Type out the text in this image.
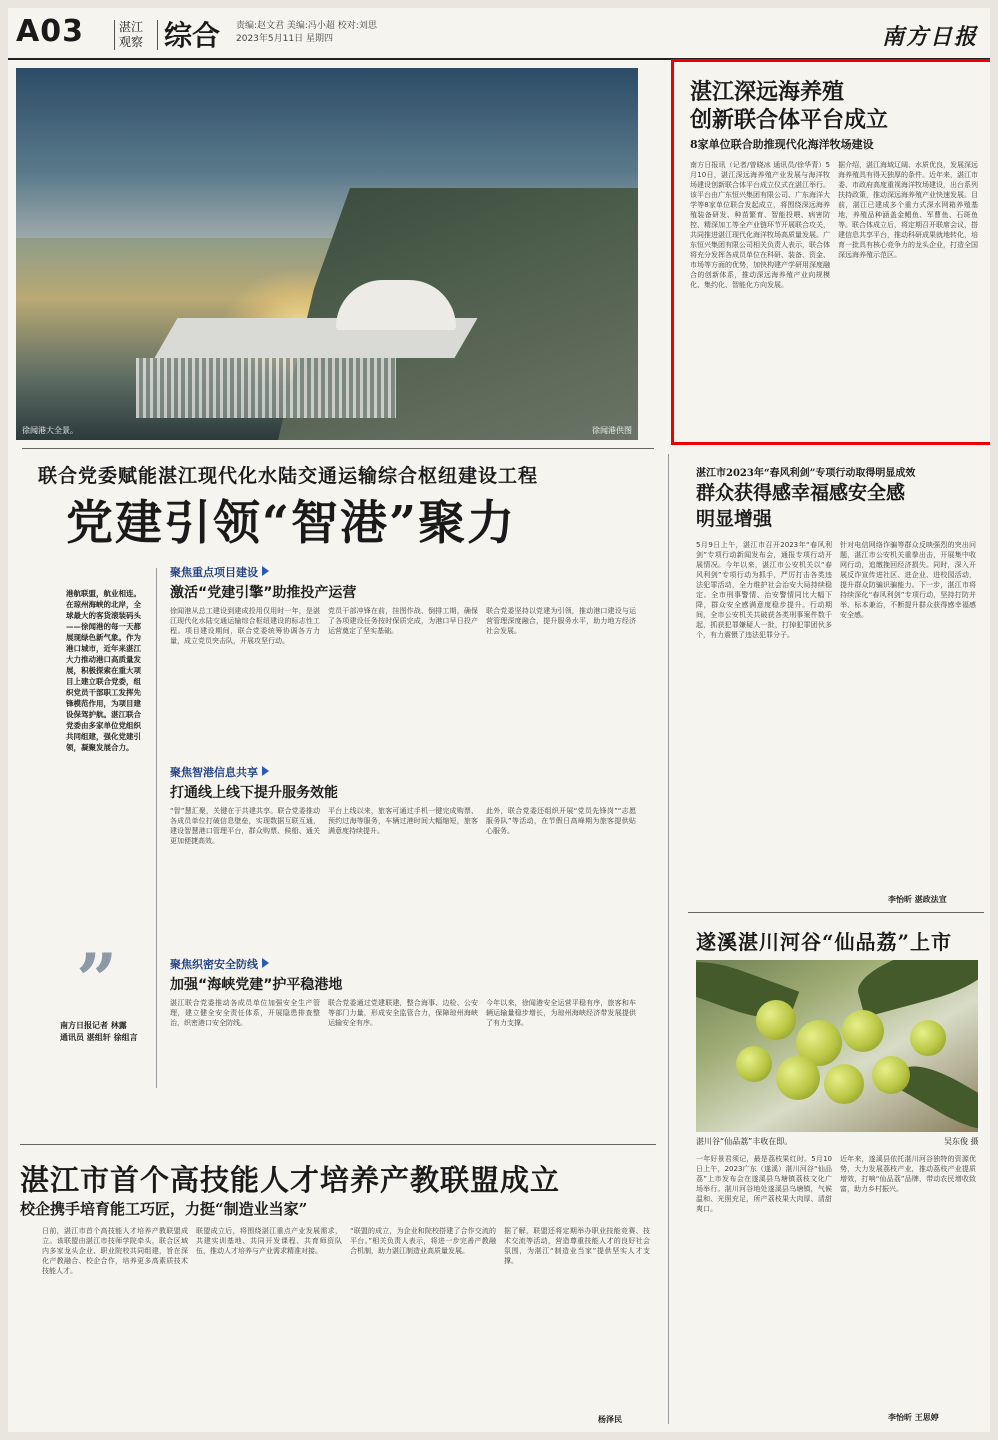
A03	湛江观察 综合 责编:赵文君 美编:冯小超 校对:刘思
2023年5月11日 星期四	南方日报
徐闻港大全景。	徐闻港供图
湛江深远海养殖
创新联合体平台成立
8家单位联合助推现代化海洋牧场建设
南方日报讯（记者/曾晓冰 通讯员/徐华青）5月10日，湛江深远海养殖产业发展与海洋牧场建设创新联合体平台成立仪式在湛江举行。该平台由广东恒兴集团有限公司、广东海洋大学等8家单位联合发起成立，将围绕深远海养殖装备研发、种苗繁育、智能投喂、病害防控、精深加工等全产业链环节开展联合攻关，共同推进湛江现代化海洋牧场高质量发展。广东恒兴集团有限公司相关负责人表示，联合体将充分发挥各成员单位在科研、装备、资金、市场等方面的优势，加快构建产学研用深度融合的创新体系，推动深远海养殖产业向规模化、集约化、智能化方向发展。
据介绍，湛江海域辽阔、水质优良，发展深远海养殖具有得天独厚的条件。近年来，湛江市委、市政府高度重视海洋牧场建设，出台系列扶持政策，推动深远海养殖产业快速发展。目前，湛江已建成多个重力式深水网箱养殖基地，养殖品种涵盖金鲳鱼、军曹鱼、石斑鱼等。联合体成立后，将定期召开联席会议，搭建信息共享平台，推动科研成果就地转化，培育一批具有核心竞争力的龙头企业，打造全国深远海养殖示范区。
联合党委赋能湛江现代化水陆交通运输综合枢纽建设工程
党建引领“智港”聚力
港航联盟，航业相连。在琼州海峡的北岸，全球最大的客货滚装码头——徐闻港的每一天都展现绿色新气象。作为港口城市，近年来湛江大力推动港口高质量发展，积极探索在重大项目上建立联合党委，组织党员干部职工发挥先锋模范作用，为项目建设保驾护航。湛江联合党委由多家单位党组织共同组建，强化党建引领，凝聚发展合力。
”
南方日报记者 林露
通讯员 湛组轩 徐组言
聚焦重点项目建设
激活“党建引擎”助推投产运营
徐闻港从总工建设到建成投用仅用时一年，是湛江现代化水陆交通运输综合枢纽建设的标志性工程。项目建设期间，联合党委统筹协调各方力量，成立党员突击队，开展攻坚行动。
党员干部冲锋在前，挂图作战、倒排工期，确保了各项建设任务按时保质完成，为港口早日投产运营奠定了坚实基础。
联合党委坚持以党建为引领，推动港口建设与运营管理深度融合，提升服务水平，助力地方经济社会发展。
聚焦智港信息共享
打通线上线下提升服务效能
“智”慧汇聚，关键在于共建共享。联合党委推动各成员单位打破信息壁垒，实现数据互联互通，建设智慧港口管理平台，群众购票、候船、通关更加便捷高效。
平台上线以来，旅客可通过手机一键完成购票、预约过海等服务，车辆过港时间大幅缩短，旅客满意度持续提升。
此外，联合党委还组织开展“党员先锋岗”“志愿服务队”等活动，在节假日高峰期为旅客提供贴心服务。
聚焦织密安全防线
加强“海峡党建”护平稳港地
湛江联合党委推动各成员单位加强安全生产管理，建立健全安全责任体系，开展隐患排查整治，织密港口安全防线。
联合党委通过党建联建，整合海事、边检、公安等部门力量，形成安全监管合力，保障琼州海峡运输安全有序。
今年以来，徐闻港安全运营平稳有序，旅客和车辆运输量稳步增长，为琼州海峡经济带发展提供了有力支撑。
湛江市2023年“春风利剑”专项行动取得明显成效
群众获得感幸福感安全感
明显增强
5月9日上午，湛江市召开2023年“春风利剑”专项行动新闻发布会，通报专项行动开展情况。今年以来，湛江市公安机关以“春风利剑”专项行动为抓手，严厉打击各类违法犯罪活动，全力维护社会治安大局持续稳定。全市刑事警情、治安警情同比大幅下降，群众安全感满意度稳步提升。行动期间，全市公安机关共破获各类刑事案件数千起，抓获犯罪嫌疑人一批，打掉犯罪团伙多个，有力震慑了违法犯罪分子。
针对电信网络诈骗等群众反映强烈的突出问题，湛江市公安机关重拳出击，开展集中收网行动，追缴挽回经济损失。同时，深入开展反诈宣传进社区、进企业、进校园活动，提升群众防骗识骗能力。下一步，湛江市将持续深化“春风利剑”专项行动，坚持打防并举、标本兼治，不断提升群众获得感幸福感安全感。
李怡昕 湛政法宣
遂溪湛川河谷“仙品荔”上市
湛川谷“仙品荔”丰收在即。	吴东俊 摄
一年好景君须记，最是荔枝果红时。5月10日上午，2023广东（遂溪）湛川河谷“仙品荔”上市发布会在遂溪县乌塘镇荔枝文化广场举行。湛川河谷地处遂溪县乌塘镇，气候温和、光照充足，所产荔枝果大肉厚、清甜爽口。
近年来，遂溪县依托湛川河谷独特的资源优势，大力发展荔枝产业，推动荔枝产业提质增效，打响“仙品荔”品牌，带动农民增收致富，助力乡村振兴。
李怡昕 王思婷
湛江市首个高技能人才培养产教联盟成立
校企携手培育能工巧匠，力挺“制造业当家”
日前，湛江市首个高技能人才培养产教联盟成立。该联盟由湛江市技师学院牵头，联合区域内多家龙头企业、职业院校共同组建，旨在深化产教融合、校企合作，培养更多高素质技术技能人才。
联盟成立后，将围绕湛江重点产业发展需求，共建实训基地、共同开发课程、共育师资队伍，推动人才培养与产业需求精准对接。
“联盟的成立，为企业和院校搭建了合作交流的平台。”相关负责人表示，将进一步完善产教融合机制，助力湛江制造业高质量发展。
据了解，联盟还将定期举办职业技能竞赛、技术交流等活动，营造尊重技能人才的良好社会氛围，为湛江“制造业当家”提供坚实人才支撑。
杨泽民
